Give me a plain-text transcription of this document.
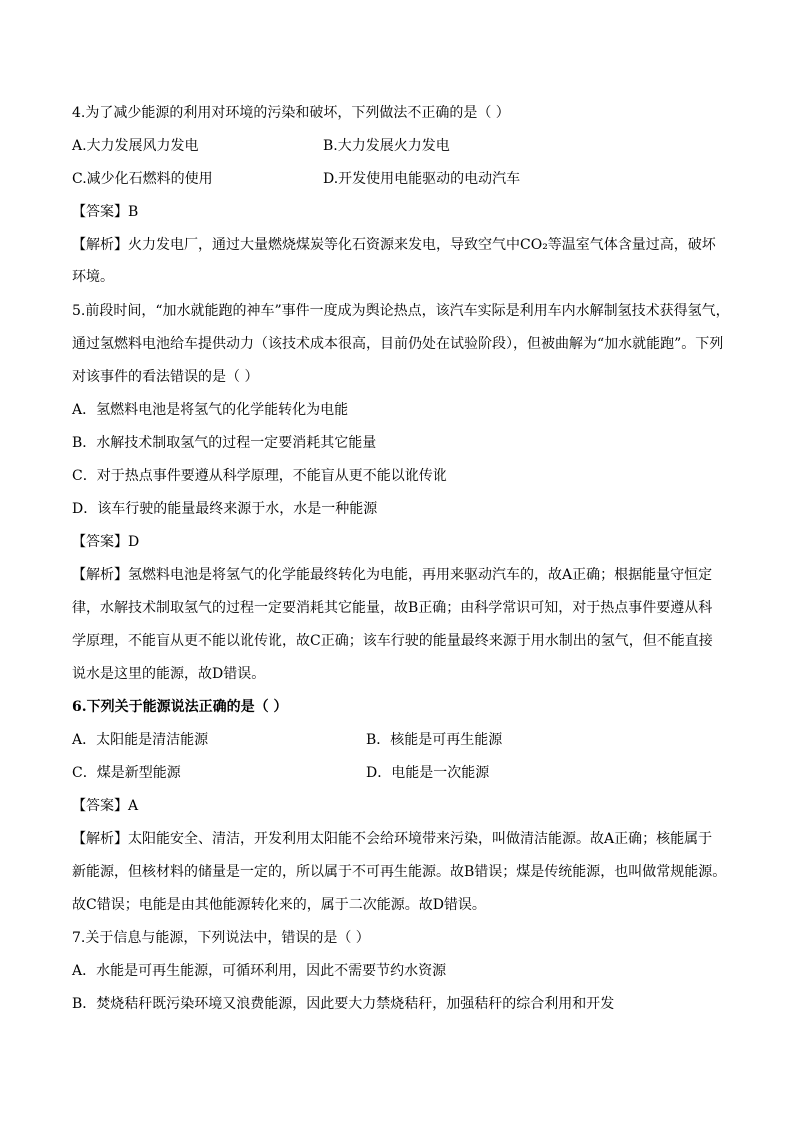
4.为了减少能源的利用对环境的污染和破坏，下列做法不正确的是（ ）
A.大力发展风力发电	B.大力发展火力发电
C.减少化石燃料的使用	D.开发使用电能驱动的电动汽车
【答案】B
【解析】火力发电厂，通过大量燃烧煤炭等化石资源来发电，导致空气中CO₂等温室气体含量过高，破坏
环境。
5.前段时间，“加水就能跑的神车”事件一度成为舆论热点，该汽车实际是利用车内水解制氢技术获得氢气，
通过氢燃料电池给车提供动力（该技术成本很高，目前仍处在试验阶段），但被曲解为“加水就能跑”。下列
对该事件的看法错误的是（ ）
A．氢燃料电池是将氢气的化学能转化为电能
B．水解技术制取氢气的过程一定要消耗其它能量
C．对于热点事件要遵从科学原理，不能盲从更不能以讹传讹
D．该车行驶的能量最终来源于水，水是一种能源
【答案】D
【解析】氢燃料电池是将氢气的化学能最终转化为电能，再用来驱动汽车的，故A正确；根据能量守恒定
律，水解技术制取氢气的过程一定要消耗其它能量，故B正确；由科学常识可知，对于热点事件要遵从科
学原理，不能盲从更不能以讹传讹，故C正确；该车行驶的能量最终来源于用水制出的氢气，但不能直接
说水是这里的能源，故D错误。
6.下列关于能源说法正确的是（ ）
A．太阳能是清洁能源	B．核能是可再生能源
C．煤是新型能源	D．电能是一次能源
【答案】A
【解析】太阳能安全、清洁，开发利用太阳能不会给环境带来污染，叫做清洁能源。故A正确；核能属于
新能源，但核材料的储量是一定的，所以属于不可再生能源。故B错误；煤是传统能源，也叫做常规能源。
故C错误；电能是由其他能源转化来的，属于二次能源。故D错误。
7.关于信息与能源，下列说法中，错误的是（ ）
A．水能是可再生能源，可循环利用，因此不需要节约水资源
B．焚烧秸秆既污染环境又浪费能源，因此要大力禁烧秸秆，加强秸秆的综合利用和开发
